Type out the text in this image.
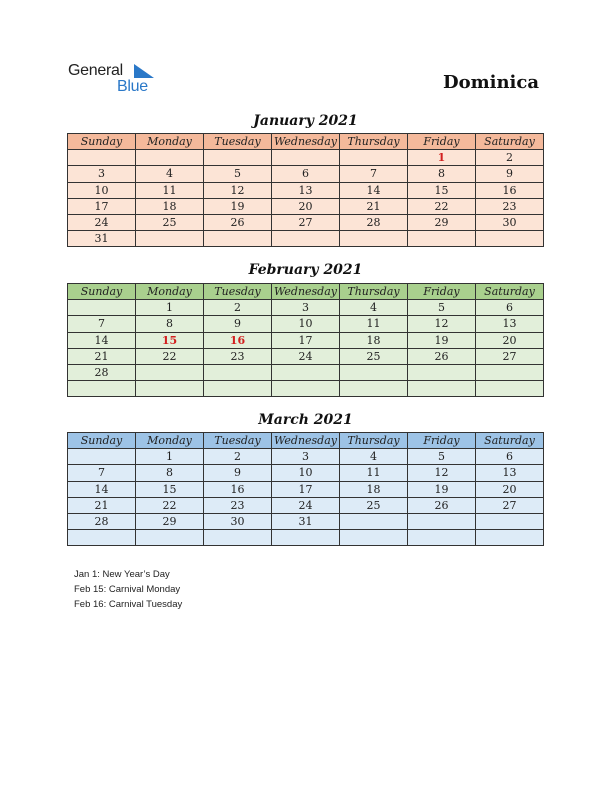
General
Blue	Dominica
January 2021
Sunday	Monday	Tuesday	Wednesday	Thursday	Friday	Saturday
					1	2
3	4	5	6	7	8	9
10	11	12	13	14	15	16
17	18	19	20	21	22	23
24	25	26	27	28	29	30
31						
February 2021
Sunday	Monday	Tuesday	Wednesday	Thursday	Friday	Saturday
	1	2	3	4	5	6
7	8	9	10	11	12	13
14	15	16	17	18	19	20
21	22	23	24	25	26	27
28						

March 2021
Sunday	Monday	Tuesday	Wednesday	Thursday	Friday	Saturday
	1	2	3	4	5	6
7	8	9	10	11	12	13
14	15	16	17	18	19	20
21	22	23	24	25	26	27
28	29	30	31			

Jan 1: New Year’s Day
Feb 15: Carnival Monday
Feb 16: Carnival Tuesday
